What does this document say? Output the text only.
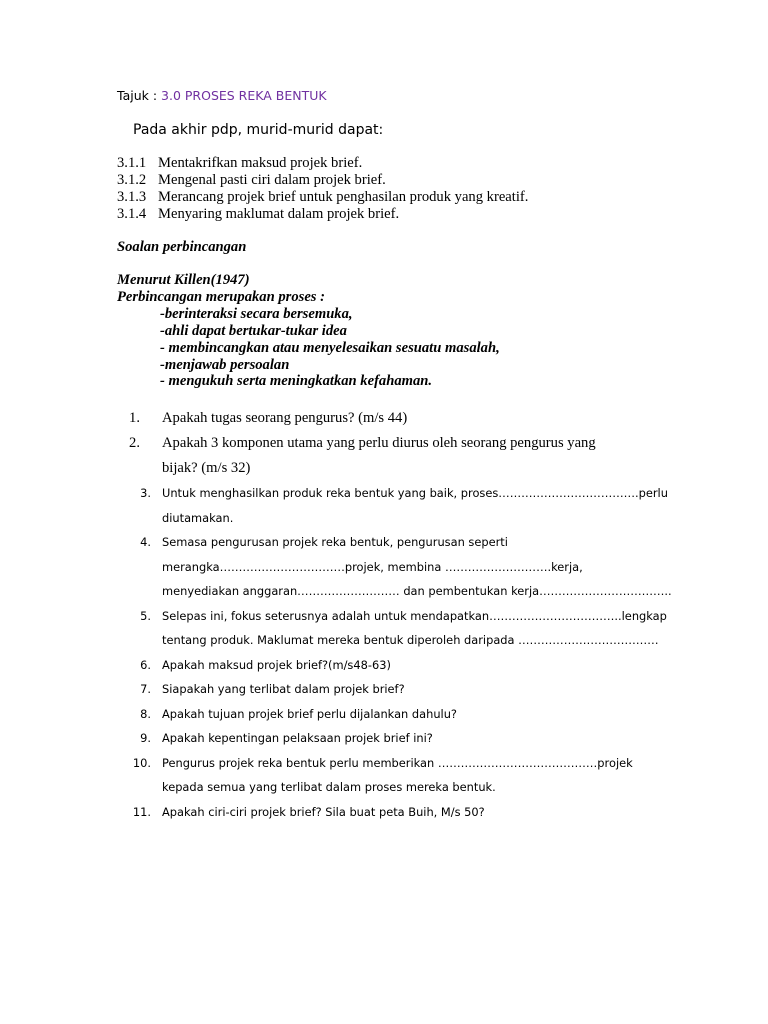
Tajuk : 3.0 PROSES REKA BENTUK
Pada akhir pdp, murid-murid dapat:
3.1.1 Mentakrifkan maksud projek brief.
3.1.2 Mengenal pasti ciri dalam projek brief.
3.1.3 Merancang projek brief untuk penghasilan produk yang kreatif.
3.1.4 Menyaring maklumat dalam projek brief.
Soalan perbincangan
Menurut Killen(1947)
Perbincangan merupakan proses :
-berinteraksi secara bersemuka,
-ahli dapat bertukar-tukar idea
- membincangkan atau menyelesaikan sesuatu masalah,
-menjawab persoalan
- mengukuh serta meningkatkan kefahaman.
1.	Apakah tugas seorang pengurus? (m/s 44)
2.	Apakah 3 komponen utama yang perlu diurus oleh seorang pengurus yang
bijak? (m/s 32)
3. Untuk menghasilkan produk reka bentuk yang baik, proses……………………………….perlu
diutamakan.
4. Semasa pengurusan projek reka bentuk, pengurusan seperti
merangka……………………………projek, membina ……………………….kerja,
menyediakan anggaran……………………… dan pembentukan kerja……………………………..
5. Selepas ini, fokus seterusnya adalah untuk mendapatkan……………………………..lengkap
tentang produk. Maklumat mereka bentuk diperoleh daripada ……………………………….
6. Apakah maksud projek brief?(m/s48-63)
7. Siapakah yang terlibat dalam projek brief?
8. Apakah tujuan projek brief perlu dijalankan dahulu?
9. Apakah kepentingan pelaksaan projek brief ini?
10. Pengurus projek reka bentuk perlu memberikan ……………………………………projek
kepada semua yang terlibat dalam proses mereka bentuk.
11. Apakah ciri-ciri projek brief? Sila buat peta Buih, M/s 50?
